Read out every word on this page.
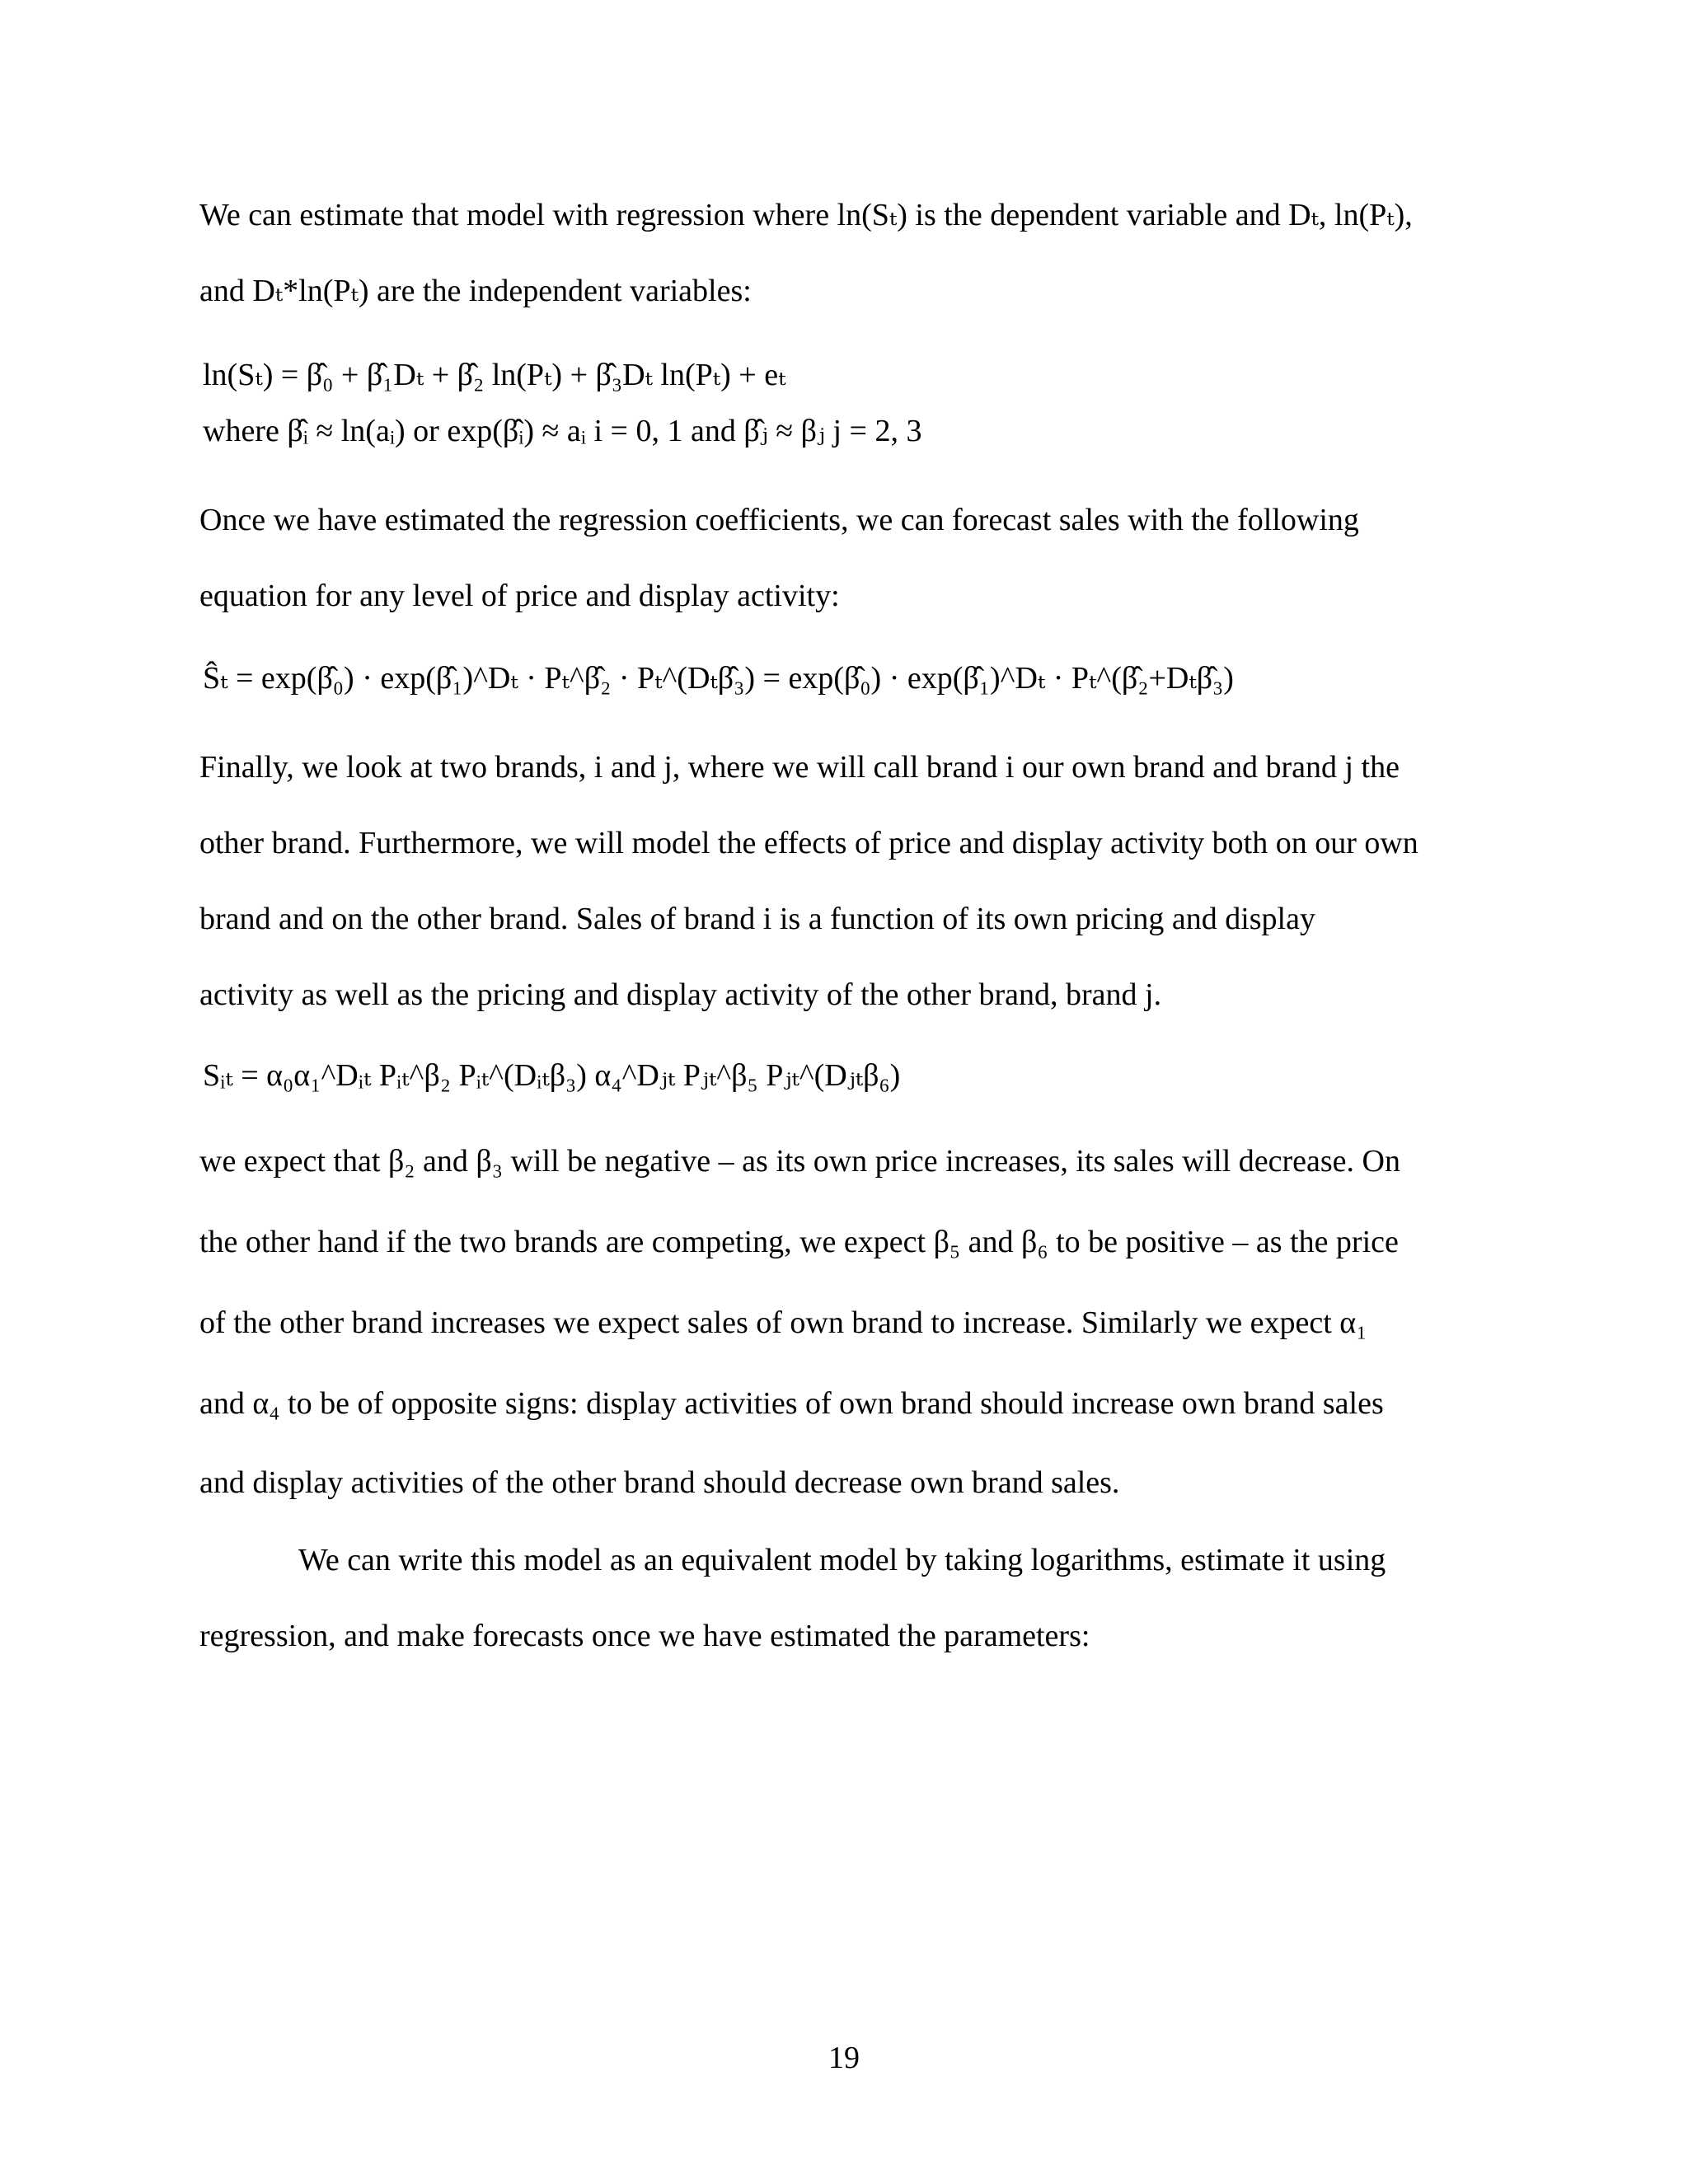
We can estimate that model with regression where ln(Sₜ) is the dependent variable and Dₜ, ln(Pₜ),
and Dₜ*ln(Pₜ) are the independent variables:
ln(Sₜ) = β̂₀ + β̂₁Dₜ + β̂₂ ln(Pₜ) + β̂₃Dₜ ln(Pₜ) + eₜ
where β̂ᵢ ≈ ln(aᵢ) or exp(β̂ᵢ) ≈ aᵢ i = 0, 1 and β̂ⱼ ≈ βⱼ j = 2, 3
Once we have estimated the regression coefficients, we can forecast sales with the following
equation for any level of price and display activity:
Ŝₜ = exp(β̂₀) · exp(β̂₁)^Dₜ · Pₜ^β̂₂ · Pₜ^(Dₜβ̂₃) = exp(β̂₀) · exp(β̂₁)^Dₜ · Pₜ^(β̂₂+Dₜβ̂₃)
Finally, we look at two brands, i and j, where we will call brand i our own brand and brand j the
other brand. Furthermore, we will model the effects of price and display activity both on our own
brand and on the other brand. Sales of brand i is a function of its own pricing and display
activity as well as the pricing and display activity of the other brand, brand j.
Sᵢₜ = α₀α₁^Dᵢₜ Pᵢₜ^β₂ Pᵢₜ^(Dᵢₜβ₃) α₄^Dⱼₜ Pⱼₜ^β₅ Pⱼₜ^(Dⱼₜβ₆)
we expect that β₂ and β₃ will be negative – as its own price increases, its sales will decrease. On
the other hand if the two brands are competing, we expect β₅ and β₆ to be positive – as the price
of the other brand increases we expect sales of own brand to increase. Similarly we expect α₁
and α₄ to be of opposite signs: display activities of own brand should increase own brand sales
and display activities of the other brand should decrease own brand sales.
We can write this model as an equivalent model by taking logarithms, estimate it using
regression, and make forecasts once we have estimated the parameters:
19
